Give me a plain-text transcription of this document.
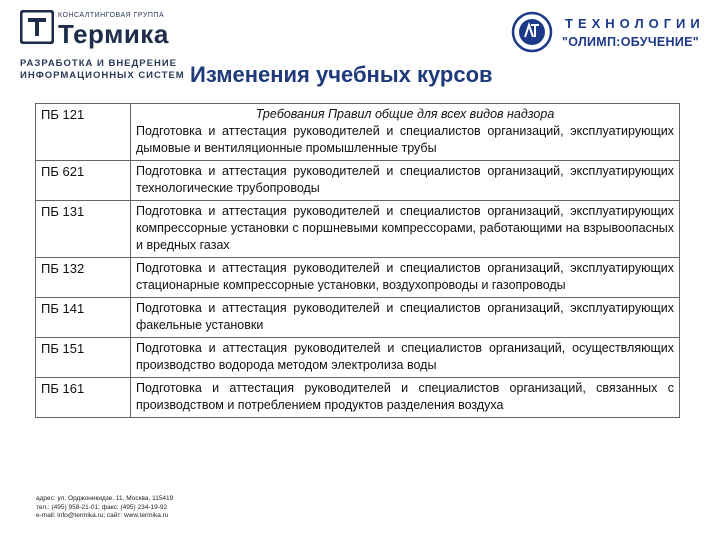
КОНСАЛТИНГОВАЯ ГРУППА
Термика
РАЗРАБОТКА И ВНЕДРЕНИЕ
ИНФОРМАЦИОННЫХ СИСТЕМ
ТЕХНОЛОГИИ
"ОЛИМП:ОБУЧЕНИЕ"
Изменения учебных курсов
ПБ 121	Требования Правил общие для всех видов надзора
Подготовка и аттестация руководителей и специалистов организаций, эксплуатирующих дымовые и вентиляционные промышленные трубы
ПБ 621	Подготовка и аттестация руководителей и специалистов организаций, эксплуатирующих технологические трубопроводы
ПБ 131	Подготовка и аттестация руководителей и специалистов организаций, эксплуатирующих компрессорные установки с поршневыми компрессорами, работающими на взрывоопасных и вредных газах
ПБ 132	Подготовка и аттестация руководителей и специалистов организаций, эксплуатирующих стационарные компрессорные установки, воздухопроводы и газопроводы
ПБ 141	Подготовка и аттестация руководителей и специалистов организаций, эксплуатирующих факельные установки
ПБ 151	Подготовка и аттестация руководителей и специалистов организаций, осуществляющих производство водорода методом электролиза воды
ПБ 161	Подготовка и аттестация руководителей и специалистов организаций, связанных с производством и потреблением продуктов разделения воздуха
адрес: ул. Орджоникидзе, 11, Москва, 115419
тел.: (495) 958-21-01; факс: (495) 234-19-92
e-mail: info@termika.ru; сайт: www.termika.ru
